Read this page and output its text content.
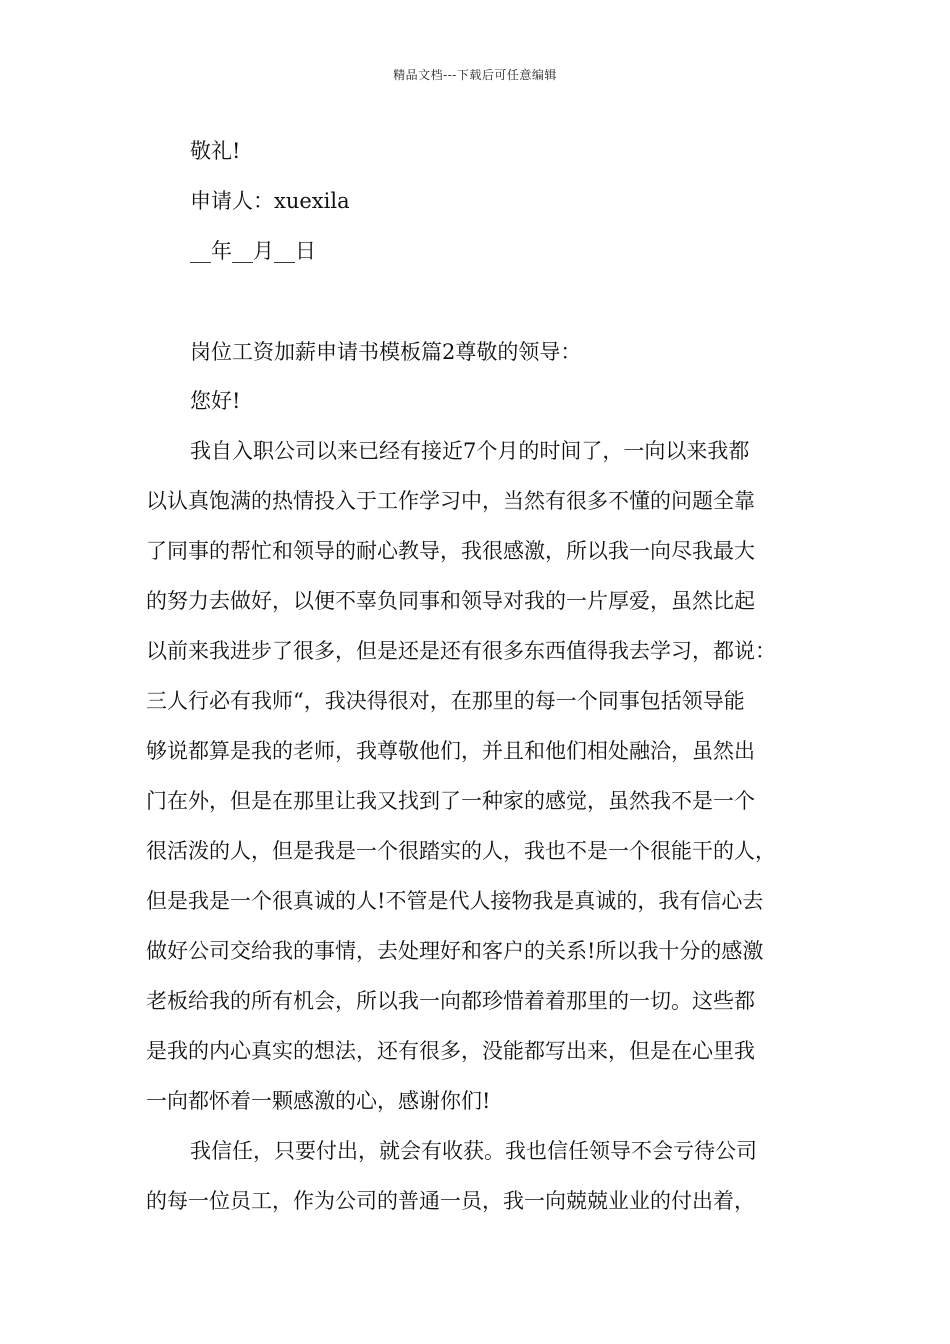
精品文档---下载后可任意编辑
敬礼!
申请人：xuexila
__年__月__日
岗位工资加薪申请书模板篇2尊敬的领导：
您好!
我自入职公司以来已经有接近7个月的时间了，一向以来我都
以认真饱满的热情投入于工作学习中，当然有很多不懂的问题全靠
了同事的帮忙和领导的耐心教导，我很感激，所以我一向尽我最大
的努力去做好，以便不辜负同事和领导对我的一片厚爱，虽然比起
以前来我进步了很多，但是还是还有很多东西值得我去学习，都说：
三人行必有我师“，我决得很对，在那里的每一个同事包括领导能
够说都算是我的老师，我尊敬他们，并且和他们相处融洽，虽然出
门在外，但是在那里让我又找到了一种家的感觉，虽然我不是一个
很活泼的人，但是我是一个很踏实的人，我也不是一个很能干的人，
但是我是一个很真诚的人!不管是代人接物我是真诚的，我有信心去
做好公司交给我的事情，去处理好和客户的关系!所以我十分的感激
老板给我的所有机会，所以我一向都珍惜着着那里的一切。这些都
是我的内心真实的想法，还有很多，没能都写出来，但是在心里我
一向都怀着一颗感激的心，感谢你们!
我信任，只要付出，就会有收获。我也信任领导不会亏待公司
的每一位员工，作为公司的普通一员，我一向兢兢业业的付出着，
